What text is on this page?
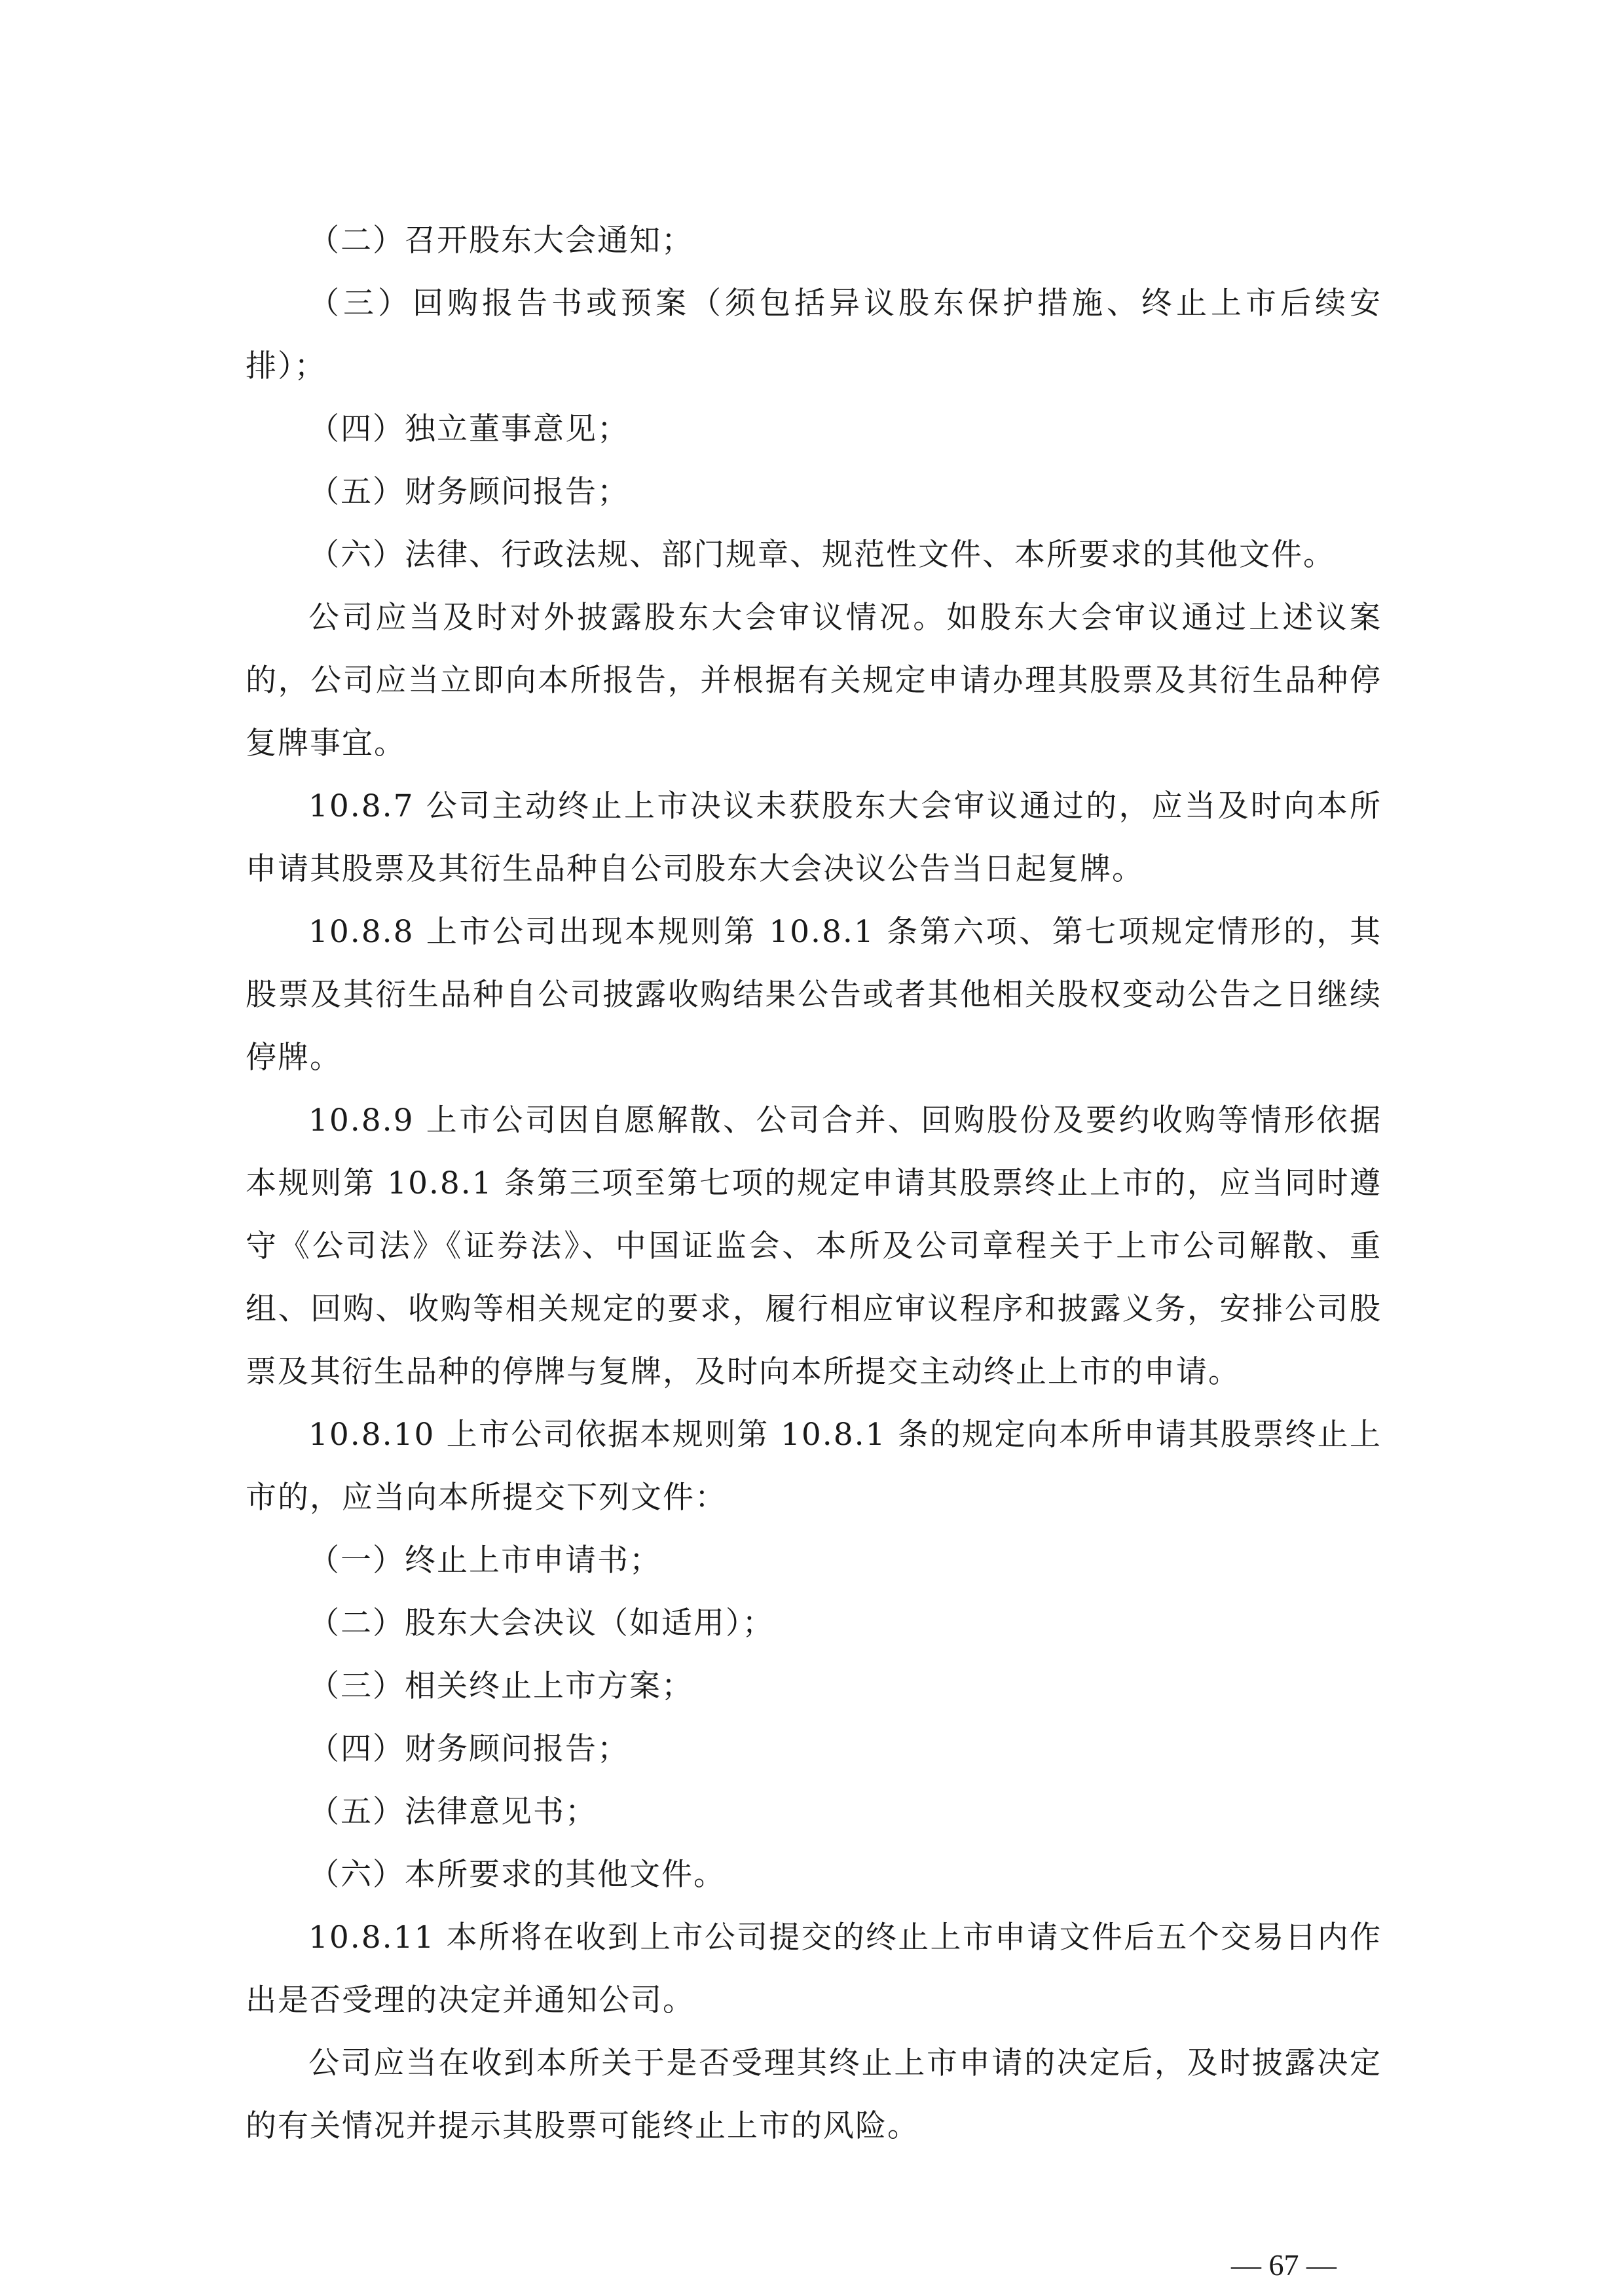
（二）召开股东大会通知；

（三）回购报告书或预案（须包括异议股东保护措施、终止上市后续安排）；

（四）独立董事意见；

（五）财务顾问报告；

（六）法律、行政法规、部门规章、规范性文件、本所要求的其他文件。

公司应当及时对外披露股东大会审议情况。如股东大会审议通过上述议案的，公司应当立即向本所报告，并根据有关规定申请办理其股票及其衍生品种停复牌事宜。

10.8.7 公司主动终止上市决议未获股东大会审议通过的，应当及时向本所申请其股票及其衍生品种自公司股东大会决议公告当日起复牌。

10.8.8 上市公司出现本规则第 10.8.1 条第六项、第七项规定情形的，其股票及其衍生品种自公司披露收购结果公告或者其他相关股权变动公告之日继续停牌。

10.8.9 上市公司因自愿解散、公司合并、回购股份及要约收购等情形依据本规则第 10.8.1 条第三项至第七项的规定申请其股票终止上市的，应当同时遵守《公司法》《证券法》、中国证监会、本所及公司章程关于上市公司解散、重组、回购、收购等相关规定的要求，履行相应审议程序和披露义务，安排公司股票及其衍生品种的停牌与复牌，及时向本所提交主动终止上市的申请。

10.8.10 上市公司依据本规则第 10.8.1 条的规定向本所申请其股票终止上市的，应当向本所提交下列文件：

（一）终止上市申请书；

（二）股东大会决议（如适用）；

（三）相关终止上市方案；

（四）财务顾问报告；

（五）法律意见书；

（六）本所要求的其他文件。

10.8.11 本所将在收到上市公司提交的终止上市申请文件后五个交易日内作出是否受理的决定并通知公司。

公司应当在收到本所关于是否受理其终止上市申请的决定后，及时披露决定的有关情况并提示其股票可能终止上市的风险。

— 67 —
